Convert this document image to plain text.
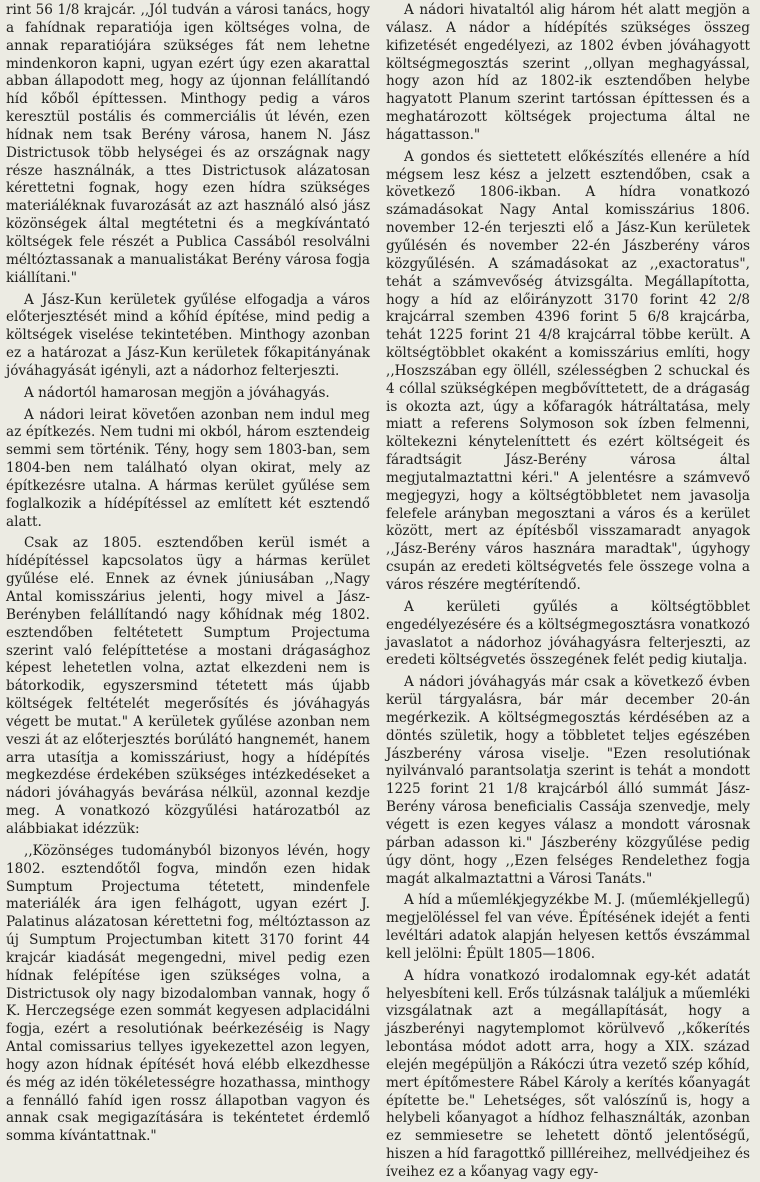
rint 56 1/8 krajcár. ,,Jól tudván a városi tanács, hogy a fahídnak reparatiója igen költséges volna, de annak reparatiójára szükséges fát nem lehetne mindenkoron kapni, ugyan ezért úgy ezen akarattal abban állapodott meg, hogy az újonnan felállítandó híd kőből építtessen. Minthogy pedig a város keresztül postális és commerciális út lévén, ezen hídnak nem tsak Berény városa, hanem N. Jász Districtusok több helységei és az országnak nagy része használnák, a ttes Districtusok alázatosan kérettetni fognak, hogy ezen hídra szükséges materiáléknak fuvarozását az azt használó alsó jász közönségek által megtétetni és a megkívántató költségek fele részét a Publica Cassából resolválni méltóztassanak a manualistákat Berény városa fogja kiállítani."

A Jász-Kun kerületek gyűlése elfogadja a város előterjesztését mind a kőhíd építése, mind pedig a költségek viselése tekintetében. Minthogy azonban ez a határozat a Jász-Kun kerületek főkapitányának jóváhagyását igényli, azt a nádorhoz felterjeszti.

A nádortól hamarosan megjön a jóváhagyás.

A nádori leirat követően azonban nem indul meg az építkezés. Nem tudni mi okból, három esztendeig semmi sem történik. Tény, hogy sem 1803-ban, sem 1804-ben nem található olyan okirat, mely az építkezésre utalna. A hármas kerület gyűlése sem foglalkozik a hídépítéssel az említett két esztendő alatt.

Csak az 1805. esztendőben kerül ismét a hídépítéssel kapcsolatos ügy a hármas kerület gyűlése elé. Ennek az évnek júniusában ,,Nagy Antal komisszárius jelenti, hogy mivel a Jász-Berényben felállítandó nagy kőhídnak még 1802. esztendőben feltétetett Sumptum Projectuma szerint való felépíttetése a mostani drágasághoz képest lehetetlen volna, aztat elkezdeni nem is bátorkodik, egyszersmind tétetett más újabb költségek feltételét megerősítés és jóváhagyás végett be mutat." A kerületek gyűlése azonban nem veszi át az előterjesztés borúlátó hangnemét, hanem arra utasítja a komisszáriust, hogy a hídépítés megkezdése érdekében szükséges intézkedéseket a nádori jóváhagyás bevárása nélkül, azonnal kezdje meg. A vonatkozó közgyűlési határozatból az alábbiakat idézzük:

,,Közönséges tudományból bizonyos lévén, hogy 1802. esztendőtől fogva, mindőn ezen hidak Sumptum Projectuma tétetett, mindenfele materiálék ára igen felhágott, ugyan ezért J. Palatinus alázatosan kérettetni fog, méltóztasson az új Sumptum Projectumban kitett 3170 forint 44 krajcár kiadását megengedni, mivel pedig ezen hídnak felépítése igen szükséges volna, a Districtusok oly nagy bizodalomban vannak, hogy ő K. Herczegsége ezen sommát kegyesen adplacidálni fogja, ezért a resolutiónak beérkezéséig is Nagy Antal comissarius tellyes igyekezettel azon legyen, hogy azon hídnak építését hová elébb elkezdhesse és még az idén tökéletességre hozathassa, minthogy a fennálló fahíd igen rossz állapotban vagyon és annak csak megigazítására is tekéntetet érdemlő somma kívántattnak."

A nádori hivataltól alig három hét alatt megjön a válasz. A nádor a hídépítés szükséges összeg kifizetését engedélyezi, az 1802 évben jóváhagyott költségmegosztás szerint ,,ollyan meghagyással, hogy azon híd az 1802-ik esztendőben helybe hagyatott Planum szerint tartóssan építtessen és a meghatározott költségek projectuma által ne hágattasson."

A gondos és siettetett előkészítés ellenére a híd mégsem lesz kész a jelzett esztendőben, csak a következő 1806-ikban. A hídra vonatkozó számadásokat Nagy Antal komisszárius 1806. november 12-én terjeszti elő a Jász-Kun kerületek gyűlésén és november 22-én Jászberény város közgyűlésén. A számadásokat az ,,exactoratus", tehát a számvevőség átvizsgálta. Megállapította, hogy a híd az előirányzott 3170 forint 42 2/8 krajcárral szemben 4396 forint 5 6/8 krajcárba, tehát 1225 forint 21 4/8 krajcárral többe került. A költségtöbblet okaként a komisszárius említi, hogy ,,Hoszszában egy ölléll, szélességben 2 schuckal és 4 cóllal szükségképen megbővíttetett, de a drágaság is okozta azt, úgy a kőfaragók hátráltatása, mely miatt a referens Solymoson sok ízben felmenni, költekezni kényteleníttett és ezért költségeit és fáradtságit Jász-Berény városa által megjutalmaztattni kéri." A jelentésre a számvevő megjegyzi, hogy a költségtöbbletet nem javasolja felefele arányban megosztani a város és a kerület között, mert az építésből visszamaradt anyagok ,,Jász-Berény város hasznára maradtak", úgyhogy csupán az eredeti költségvetés fele összege volna a város részére megtérítendő.

A kerületi gyűlés a költségtöbblet engedélyezésére és a költségmegosztásra vonatkozó javaslatot a nádorhoz jóváhagyásra felterjeszti, az eredeti költségvetés összegének felét pedig kiutalja.

A nádori jóváhagyás már csak a következő évben kerül tárgyalásra, bár már december 20-án megérkezik. A költségmegosztás kérdésében az a döntés születik, hogy a többletet teljes egészében Jászberény városa viselje. "Ezen resolutiónak nyilvánvaló parantsolatja szerint is tehát a mondott 1225 forint 21 1/8 krajcárból álló summát Jász-Berény városa beneficialis Cassája szenvedje, mely végett is ezen kegyes válasz a mondott városnak párban adasson ki." Jászberény közgyűlése pedig úgy dönt, hogy ,,Ezen felséges Rendelethez fogja magát alkalmaztattni a Városi Tanáts."

A híd a műemlékjegyzékbe M. J. (műemlékjellegű) megjelöléssel fel van véve. Építésének idejét a fenti levéltári adatok alapján helyesen kettős évszámmal kell jelölni: Épült 1805—1806.

A hídra vonatkozó irodalomnak egy-két adatát helyesbíteni kell. Erős túlzásnak találjuk a műemléki vizsgálatnak azt a megállapítását, hogy a jászberényi nagytemplomot körülvevő ,,kőkerítés lebontása módot adott arra, hogy a XIX. század elején megépüljön a Rákóczi útra vezető szép kőhíd, mert építőmestere Rábel Károly a kerítés kőanyagát építette be." Lehetséges, sőt valószínű is, hogy a helybeli kőanyagot a hídhoz felhasználták, azonban ez semmiesetre se lehetett döntő jelentőségű, hiszen a híd faragottkő pillléreihez, mellvédjeihez és íveihez ez a kőanyag vagy egy-
